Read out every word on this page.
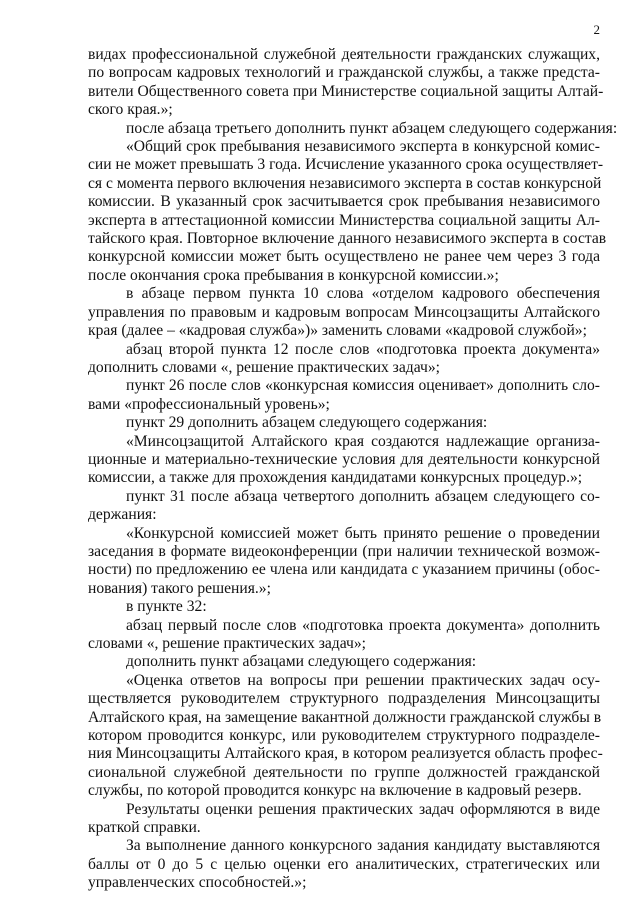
2
видах профессиональной служебной деятельности гражданских служащих,
по вопросам кадровых технологий и гражданской службы, а также предста-
вители Общественного совета при Министерстве социальной защиты Алтай-
ского края.»;
после абзаца третьего дополнить пункт абзацем следующего содержания:
«Общий срок пребывания независимого эксперта в конкурсной комис-
сии не может превышать 3 года. Исчисление указанного срока осуществляет-
ся с момента первого включения независимого эксперта в состав конкурсной
комиссии. В указанный срок засчитывается срок пребывания независимого
эксперта в аттестационной комиссии Министерства социальной защиты Ал-
тайского края. Повторное включение данного независимого эксперта в состав
конкурсной комиссии может быть осуществлено не ранее чем через 3 года
после окончания срока пребывания в конкурсной комиссии.»;
в абзаце первом пункта 10 слова «отделом кадрового обеспечения
управления по правовым и кадровым вопросам Минсоцзащиты Алтайского
края (далее – «кадровая служба»)» заменить словами «кадровой службой»;
абзац второй пункта 12 после слов «подготовка проекта документа»
дополнить словами «, решение практических задач»;
пункт 26 после слов «конкурсная комиссия оценивает» дополнить сло-
вами «профессиональный уровень»;
пункт 29 дополнить абзацем следующего содержания:
«Минсоцзащитой Алтайского края создаются надлежащие организа-
ционные и материально-технические условия для деятельности конкурсной
комиссии, а также для прохождения кандидатами конкурсных процедур.»;
пункт 31 после абзаца четвертого дополнить абзацем следующего со-
держания:
«Конкурсной комиссией может быть принято решение о проведении
заседания в формате видеоконференции (при наличии технической возмож-
ности) по предложению ее члена или кандидата с указанием причины (обос-
нования) такого решения.»;
в пункте 32:
абзац первый после слов «подготовка проекта документа» дополнить
словами «, решение практических задач»;
дополнить пункт абзацами следующего содержания:
«Оценка ответов на вопросы при решении практических задач осу-
ществляется руководителем структурного подразделения Минсоцзащиты
Алтайского края, на замещение вакантной должности гражданской службы в
котором проводится конкурс, или руководителем структурного подразделе-
ния Минсоцзащиты Алтайского края, в котором реализуется область профес-
сиональной служебной деятельности по группе должностей гражданской
службы, по которой проводится конкурс на включение в кадровый резерв.
Результаты оценки решения практических задач оформляются в виде
краткой справки.
За выполнение данного конкурсного задания кандидату выставляются
баллы от 0 до 5 с целью оценки его аналитических, стратегических или
управленческих способностей.»;
